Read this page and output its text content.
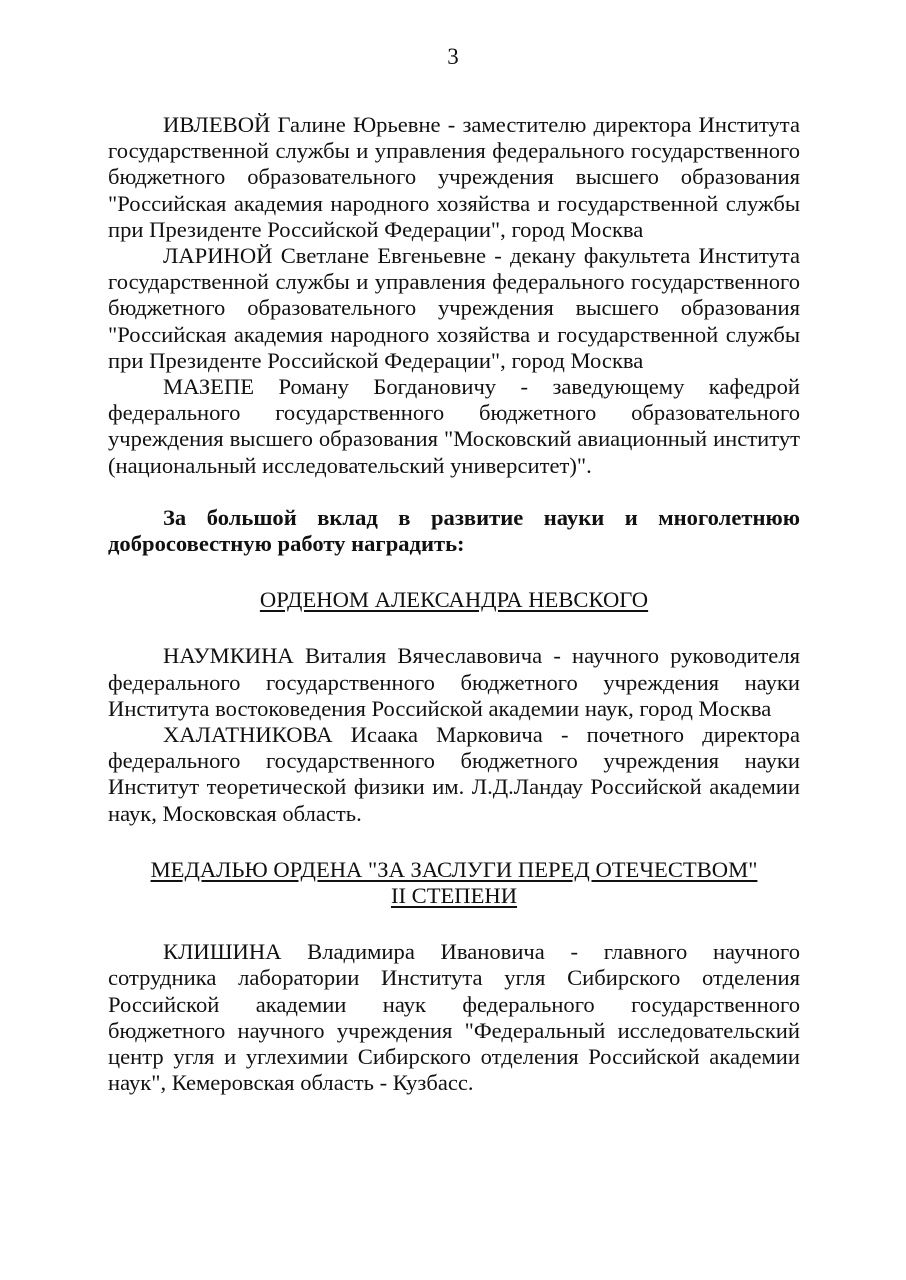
3

ИВЛЕВОЙ Галине Юрьевне - заместителю директора Института государственной службы и управления федерального государственного бюджетного образовательного учреждения высшего образования "Российская академия народного хозяйства и государственной службы при Президенте Российской Федерации", город Москва

ЛАРИНОЙ Светлане Евгеньевне - декану факультета Института государственной службы и управления федерального государственного бюджетного образовательного учреждения высшего образования "Российская академия народного хозяйства и государственной службы при Президенте Российской Федерации", город Москва

МАЗЕПЕ Роману Богдановичу - заведующему кафедрой федерального государственного бюджетного образовательного учреждения высшего образования "Московский авиационный институт (национальный исследовательский университет)".

За большой вклад в развитие науки и многолетнюю добросовестную работу наградить:

ОРДЕНОМ АЛЕКСАНДРА НЕВСКОГО

НАУМКИНА Виталия Вячеславовича - научного руководителя федерального государственного бюджетного учреждения науки Института востоковедения Российской академии наук, город Москва

ХАЛАТНИКОВА Исаака Марковича - почетного директора федерального государственного бюджетного учреждения науки Институт теоретической физики им. Л.Д.Ландау Российской академии наук, Московская область.

МЕДАЛЬЮ ОРДЕНА "ЗА ЗАСЛУГИ ПЕРЕД ОТЕЧЕСТВОМ"
II СТЕПЕНИ

КЛИШИНА Владимира Ивановича - главного научного сотрудника лаборатории Института угля Сибирского отделения Российской академии наук федерального государственного бюджетного научного учреждения "Федеральный исследовательский центр угля и углехимии Сибирского отделения Российской академии наук", Кемеровская область - Кузбасс.
